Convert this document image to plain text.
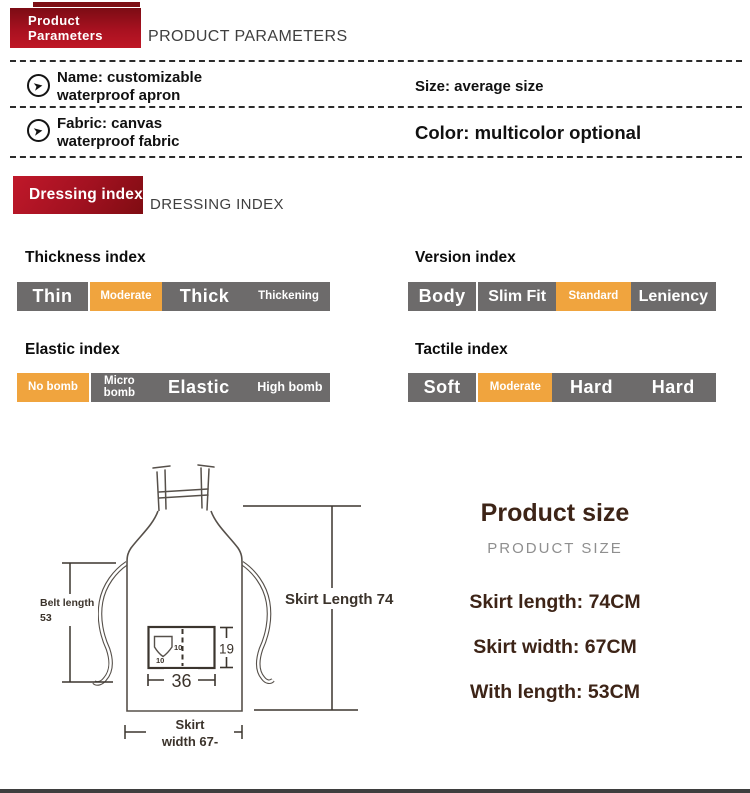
Product
Parameters	PRODUCT PARAMETERS
➤ Name: customizable waterproof apron	Size: average size
➤ Fabric: canvas waterproof fabric	Color: multicolor optional
Dressing index
DRESSING INDEX
Thickness index
Thin	Moderate	Thick	Thickening
Version index
Body	Slim Fit	Standard	Leniency
Elastic index
No bomb	Micro bomb	Elastic	High bomb
Tactile index
Soft	Moderate	Hard	Hard
10
10
19
36
Skirt Length 74
Belt length
53
Skirt
width 67-
Product size
PRODUCT SIZE
Skirt length: 74CM
Skirt width: 67CM
With length: 53CM
